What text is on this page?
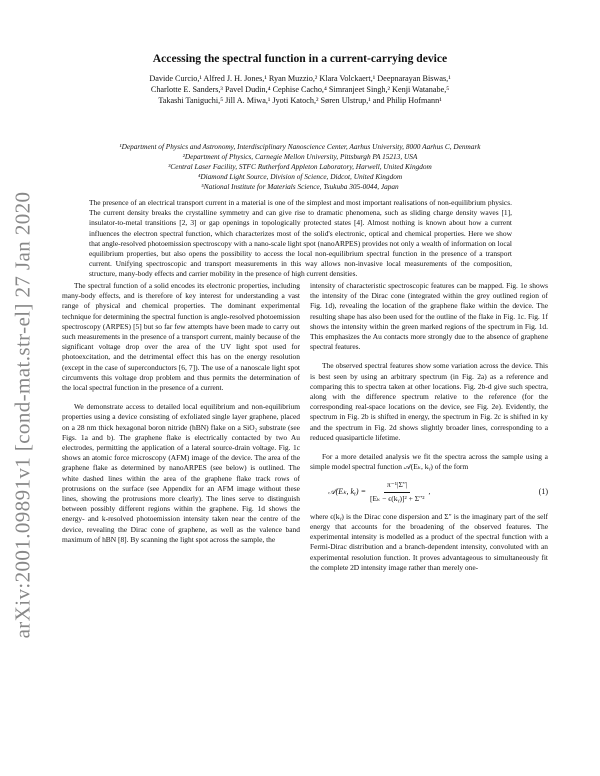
arXiv:2001.09891v1 [cond-mat.str-el] 27 Jan 2020
Accessing the spectral function in a current-carrying device
Davide Curcio,¹ Alfred J. H. Jones,¹ Ryan Muzzio,² Klara Volckaert,¹ Deepnarayan Biswas,¹
Charlotte E. Sanders,³ Pavel Dudin,⁴ Cephise Cacho,⁴ Simranjeet Singh,² Kenji Watanabe,⁵
Takashi Taniguchi,⁵ Jill A. Miwa,¹ Jyoti Katoch,² Søren Ulstrup,¹ and Philip Hofmann¹
¹Department of Physics and Astronomy, Interdisciplinary Nanoscience Center, Aarhus University, 8000 Aarhus C, Denmark
²Department of Physics, Carnegie Mellon University, Pittsburgh PA 15213, USA
³Central Laser Facility, STFC Rutherford Appleton Laboratory, Harwell, United Kingdom
⁴Diamond Light Source, Division of Science, Didcot, United Kingdom
⁵National Institute for Materials Science, Tsukuba 305-0044, Japan
The presence of an electrical transport current in a material is one of the simplest and most important realisations of non-equilibrium physics. The current density breaks the crystalline symmetry and can give rise to dramatic phenomena, such as sliding charge density waves [1], insulator-to-metal transitions [2, 3] or gap openings in topologically protected states [4]. Almost nothing is known about how a current influences the electron spectral function, which characterizes most of the solid's electronic, optical and chemical properties. Here we show that angle-resolved photoemission spectroscopy with a nano-scale light spot (nanoARPES) provides not only a wealth of information on local equilibrium properties, but also opens the possibility to access the local non-equilibrium spectral function in the presence of a transport current. Unifying spectroscopic and transport measurements in this way allows non-invasive local measurements of the composition, structure, many-body effects and carrier mobility in the presence of high current densities.

The spectral function of a solid encodes its electronic properties, including many-body effects, and is therefore of key interest for understanding a vast range of physical and chemical properties. The dominant experimental technique for determining the spectral function is angle-resolved photoemission spectroscopy (ARPES) [5] but so far few attempts have been made to carry out such measurements in the presence of a transport current, mainly because of the significant voltage drop over the area of the UV light spot used for photoexcitation, and the detrimental effect this has on the energy resolution (except in the case of superconductors [6, 7]). The use of a nanoscale light spot circumvents this voltage drop problem and thus permits the determination of the local spectral function in the presence of a current.

We demonstrate access to detailed local equilibrium and non-equilibrium properties using a device consisting of exfoliated single layer graphene, placed on a 28 nm thick hexagonal boron nitride (hBN) flake on a SiO₂ substrate (see Figs. 1a and b). The graphene flake is electrically contacted by two Au electrodes, permitting the application of a lateral source-drain voltage. Fig. 1c shows an atomic force microscopy (AFM) image of the device. The area of the graphene flake as determined by nanoARPES (see below) is outlined. The white dashed lines within the area of the graphene flake track rows of protrusions on the surface (see Appendix for an AFM image without these lines, showing the protrusions more clearly). The lines serve to distinguish between possibly different regions within the graphene. Fig. 1d shows the energy- and k-resolved photoemission intensity taken near the centre of the device, revealing the Dirac cone of graphene, as well as the valence band maximum of hBN [8]. By scanning the light spot across the sample, the

intensity of characteristic spectroscopic features can be mapped. Fig. 1e shows the intensity of the Dirac cone (integrated within the grey outlined region of Fig. 1d), revealing the location of the graphene flake within the device. The resulting shape has also been used for the outline of the flake in Fig. 1c. Fig. 1f shows the intensity within the green marked regions of the spectrum in Fig. 1d. This emphasizes the Au contacts more strongly due to the absence of graphene spectral features.

The observed spectral features show some variation across the device. This is best seen by using an arbitrary spectrum (in Fig. 2a) as a reference and comparing this to spectra taken at other locations. Fig. 2b-d give such spectra, along with the difference spectrum relative to the reference (for the corresponding real-space locations on the device, see Fig. 2e). Evidently, the spectrum in Fig. 2b is shifted in energy, the spectrum in Fig. 2c is shifted in ky and the spectrum in Fig. 2d shows slightly broader lines, corresponding to a reduced quasiparticle lifetime.

For a more detailed analysis we fit the spectra across the sample using a simple model spectral function 𝒜(Eₖ, kᵧ) of the form

𝒜(Eₖ, kᵧ) = $\frac{\text{π⁻¹|Σ″|}}{\text{[Eₖ − ϵ(kᵧ)]² + Σ″²}}$ ,	(1)

where ϵ(kᵧ) is the Dirac cone dispersion and Σ″ is the imaginary part of the self energy that accounts for the broadening of the observed features. The experimental intensity is modelled as a product of the spectral function with a Fermi-Dirac distribution and a branch-dependent intensity, convoluted with an experimental resolution function. It proves advantageous to simultaneously fit the complete 2D intensity image rather than merely one-
